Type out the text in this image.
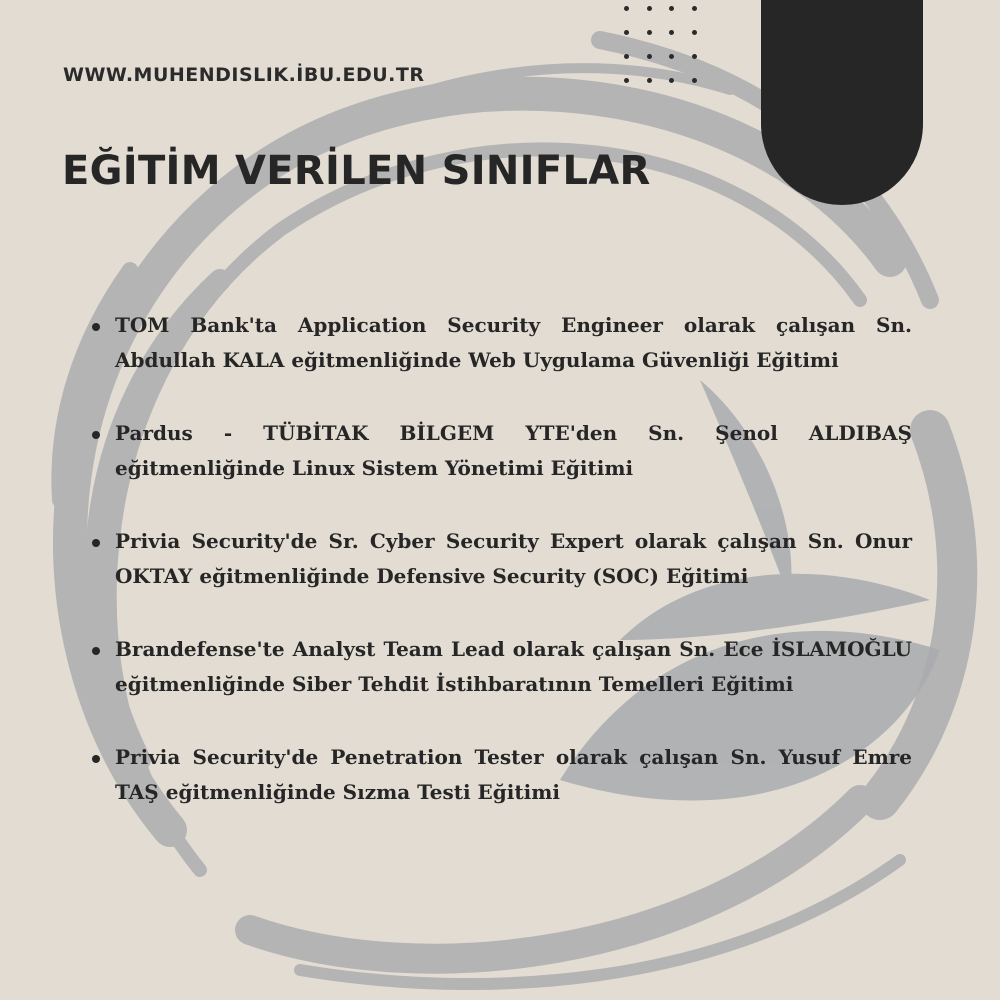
WWW.MUHENDISLIK.İBU.EDU.TR
EĞİTİM VERİLEN SINIFLAR
TOM Bank'ta Application Security Engineer olarak çalışan Sn. Abdullah KALA eğitmenliğinde Web Uygulama Güvenliği Eğitimi
Pardus - TÜBİTAK BİLGEM YTE'den Sn. Şenol ALDIBAŞ eğitmenliğinde Linux Sistem Yönetimi Eğitimi
Privia Security'de Sr. Cyber Security Expert olarak çalışan Sn. Onur OKTAY eğitmenliğinde Defensive Security (SOC) Eğitimi
Brandefense'te Analyst Team Lead olarak çalışan Sn. Ece İSLAMOĞLU eğitmenliğinde Siber Tehdit İstihbaratının Temelleri Eğitimi
Privia Security'de Penetration Tester olarak çalışan Sn. Yusuf Emre TAŞ eğitmenliğinde Sızma Testi Eğitimi
